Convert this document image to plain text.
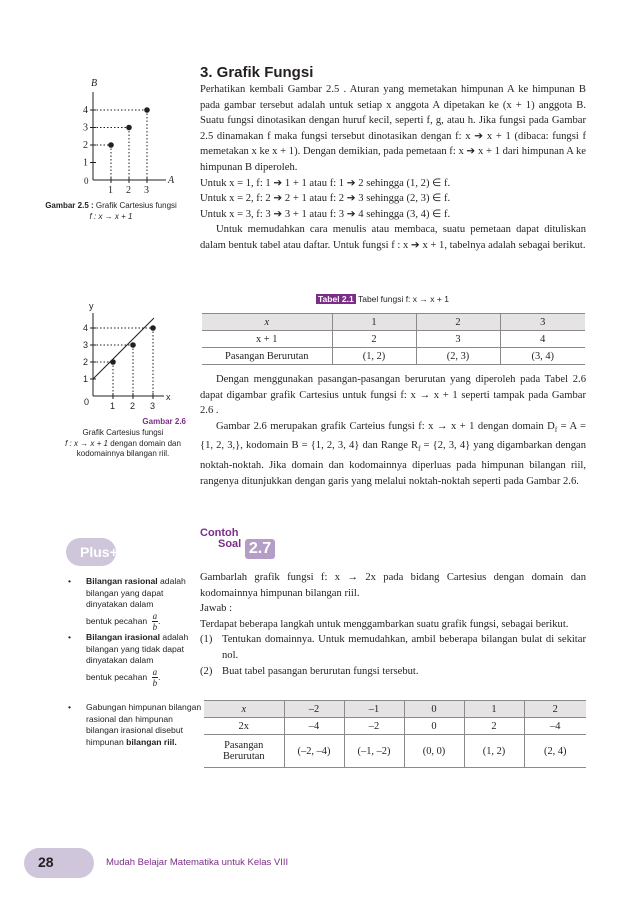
B
A
0
4
3
2
1
1 2 3
Gambar 2.5 : Grafik Cartesius fungsi
f : x → x + 1
y
x
0
4
3
2
1
1 2 3
Gambar 2.6
Grafik Cartesius fungsi
f : x → x + 1 dengan domain dan kodomainnya bilangan riil.
3. Grafik Fungsi

Perhatikan kembali Gambar 2.5 . Aturan yang memetakan himpunan A ke himpunan B pada gambar tersebut adalah untuk setiap x anggota A dipetakan ke (x + 1) anggota B. Suatu fungsi dinotasikan dengan huruf kecil, seperti f, g, atau h. Jika fungsi pada Gambar 2.5 dinamakan f maka fungsi tersebut dinotasikan dengan f: x ➔ x + 1 (dibaca: fungsi f memetakan x ke x + 1). Dengan demikian, pada pemetaan f: x ➔ x + 1 dari himpunan A ke himpunan B diperoleh.

Untuk x = 1, f: 1 ➔ 1 + 1 atau f: 1 ➔ 2 sehingga (1, 2) ∈ f.

Untuk x = 2, f: 2 ➔ 2 + 1 atau f: 2 ➔ 3 sehingga (2, 3) ∈ f.

Untuk x = 3, f: 3 ➔ 3 + 1 atau f: 3 ➔ 4 sehingga (3, 4) ∈ f.

Untuk memudahkan cara menulis atau membaca, suatu pemetaan dapat dituliskan dalam bentuk tabel atau daftar. Untuk fungsi f : x ➔ x + 1, tabelnya adalah sebagai berikut.

Tabel 2.1 Tabel fungsi f: x → x + 1
x	1	2	3
x + 1	2	3	4
Pasangan Berurutan	(1, 2)	(2, 3)	(3, 4)

Dengan menggunakan pasangan-pasangan berurutan yang diperoleh pada Tabel 2.6 dapat digambar grafik Cartesius untuk fungsi f: x → x + 1 seperti tampak pada Gambar 2.6 .

Gambar 2.6 merupakan grafik Carteius fungsi f: x → x + 1 dengan domain $D_f = A = \{1$, 2, 3,}, kodomain B = {1, 2, 3, 4} dan Range $R_f = \{2$, 3, 4} yang digambarkan dengan noktah-noktah. Jika domain dan kodomainnya diperluas pada himpunan bilangan riil, rangenya ditunjukkan dengan garis yang melalui noktah-noktah seperti pada Gambar 2.6.

Plus+
• Bilangan rasional adalah bilangan yang dapat dinyatakan dalam
bentuk pecahan $\frac{a}{b}$ .
• Bilangan irasional adalah bilangan yang tidak dapat dinyatakan dalam
bentuk pecahan $\frac{a}{b}$ .
• Gabungan himpunan bilangan rasional dan himpunan bilangan irasional disebut himpunan bilangan riil.
Contoh
Soal 2.7

Gambarlah grafik fungsi f: x → 2x pada bidang Cartesius dengan domain dan kodomainnya himpunan bilangan riil.

Jawab :

Terdapat beberapa langkah untuk menggambarkan suatu grafik fungsi, sebagai berikut.

(1) Tentukan domainnya. Untuk memudahkan, ambil beberapa bilangan bulat di sekitar nol.

(2) Buat tabel pasangan berurutan fungsi tersebut.

x	–2	–1	0	1	2
2x	–4	–2	0	2	–4
Pasangan Berurutan	(–2, –4)	(–1, –2)	(0, 0)	(1, 2)	(2, 4)
28	Mudah Belajar Matematika untuk Kelas VIII
